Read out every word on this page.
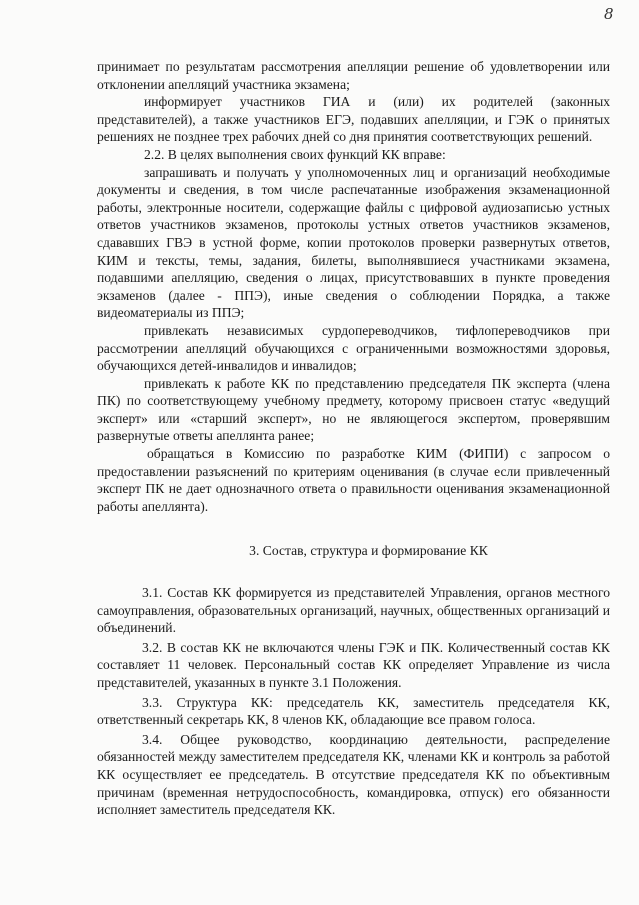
8

принимает по результатам рассмотрения апелляции решение об удовлетворении или отклонении апелляций участника экзамена;

информирует участников ГИА и (или) их родителей (законных представителей), а также участников ЕГЭ, подавших апелляции, и ГЭК о принятых решениях не позднее трех рабочих дней со дня принятия соответствующих решений.

2.2. В целях выполнения своих функций КК вправе:

запрашивать и получать у уполномоченных лиц и организаций необходимые документы и сведения, в том числе распечатанные изображения экзаменационной работы, электронные носители, содержащие файлы с цифровой аудиозаписью устных ответов участников экзаменов, протоколы устных ответов участников экзаменов, сдававших ГВЭ в устной форме, копии протоколов проверки развернутых ответов, КИМ и тексты, темы, задания, билеты, выполнявшиеся участниками экзамена, подавшими апелляцию, сведения о лицах, присутствовавших в пункте проведения экзаменов (далее - ППЭ), иные сведения о соблюдении Порядка, а также видеоматериалы из ППЭ;

привлекать независимых сурдопереводчиков, тифлопереводчиков при рассмотрении апелляций обучающихся с ограниченными возможностями здоровья, обучающихся детей-инвалидов и инвалидов;

привлекать к работе КК по представлению председателя ПК эксперта (члена ПК) по соответствующему учебному предмету, которому присвоен статус «ведущий эксперт» или «старший эксперт», но не являющегося экспертом, проверявшим развернутые ответы апеллянта ранее;

обращаться в Комиссию по разработке КИМ (ФИПИ) с запросом о предоставлении разъяснений по критериям оценивания (в случае если привлеченный эксперт ПК не дает однозначного ответа о правильности оценивания экзаменационной работы апеллянта).

3. Состав, структура и формирование КК

3.1. Состав КК формируется из представителей Управления, органов местного самоуправления, образовательных организаций, научных, общественных организаций и объединений.

3.2. В состав КК не включаются члены ГЭК и ПК. Количественный состав КК составляет 11 человек. Персональный состав КК определяет Управление из числа представителей, указанных в пункте 3.1 Положения.

3.3. Структура КК: председатель КК, заместитель председателя КК, ответственный секретарь КК, 8 членов КК, обладающие все правом голоса.

3.4. Общее руководство, координацию деятельности, распределение обязанностей между заместителем председателя КК, членами КК и контроль за работой КК осуществляет ее председатель. В отсутствие председателя КК по объективным причинам (временная нетрудоспособность, командировка, отпуск) его обязанности исполняет заместитель председателя КК.
